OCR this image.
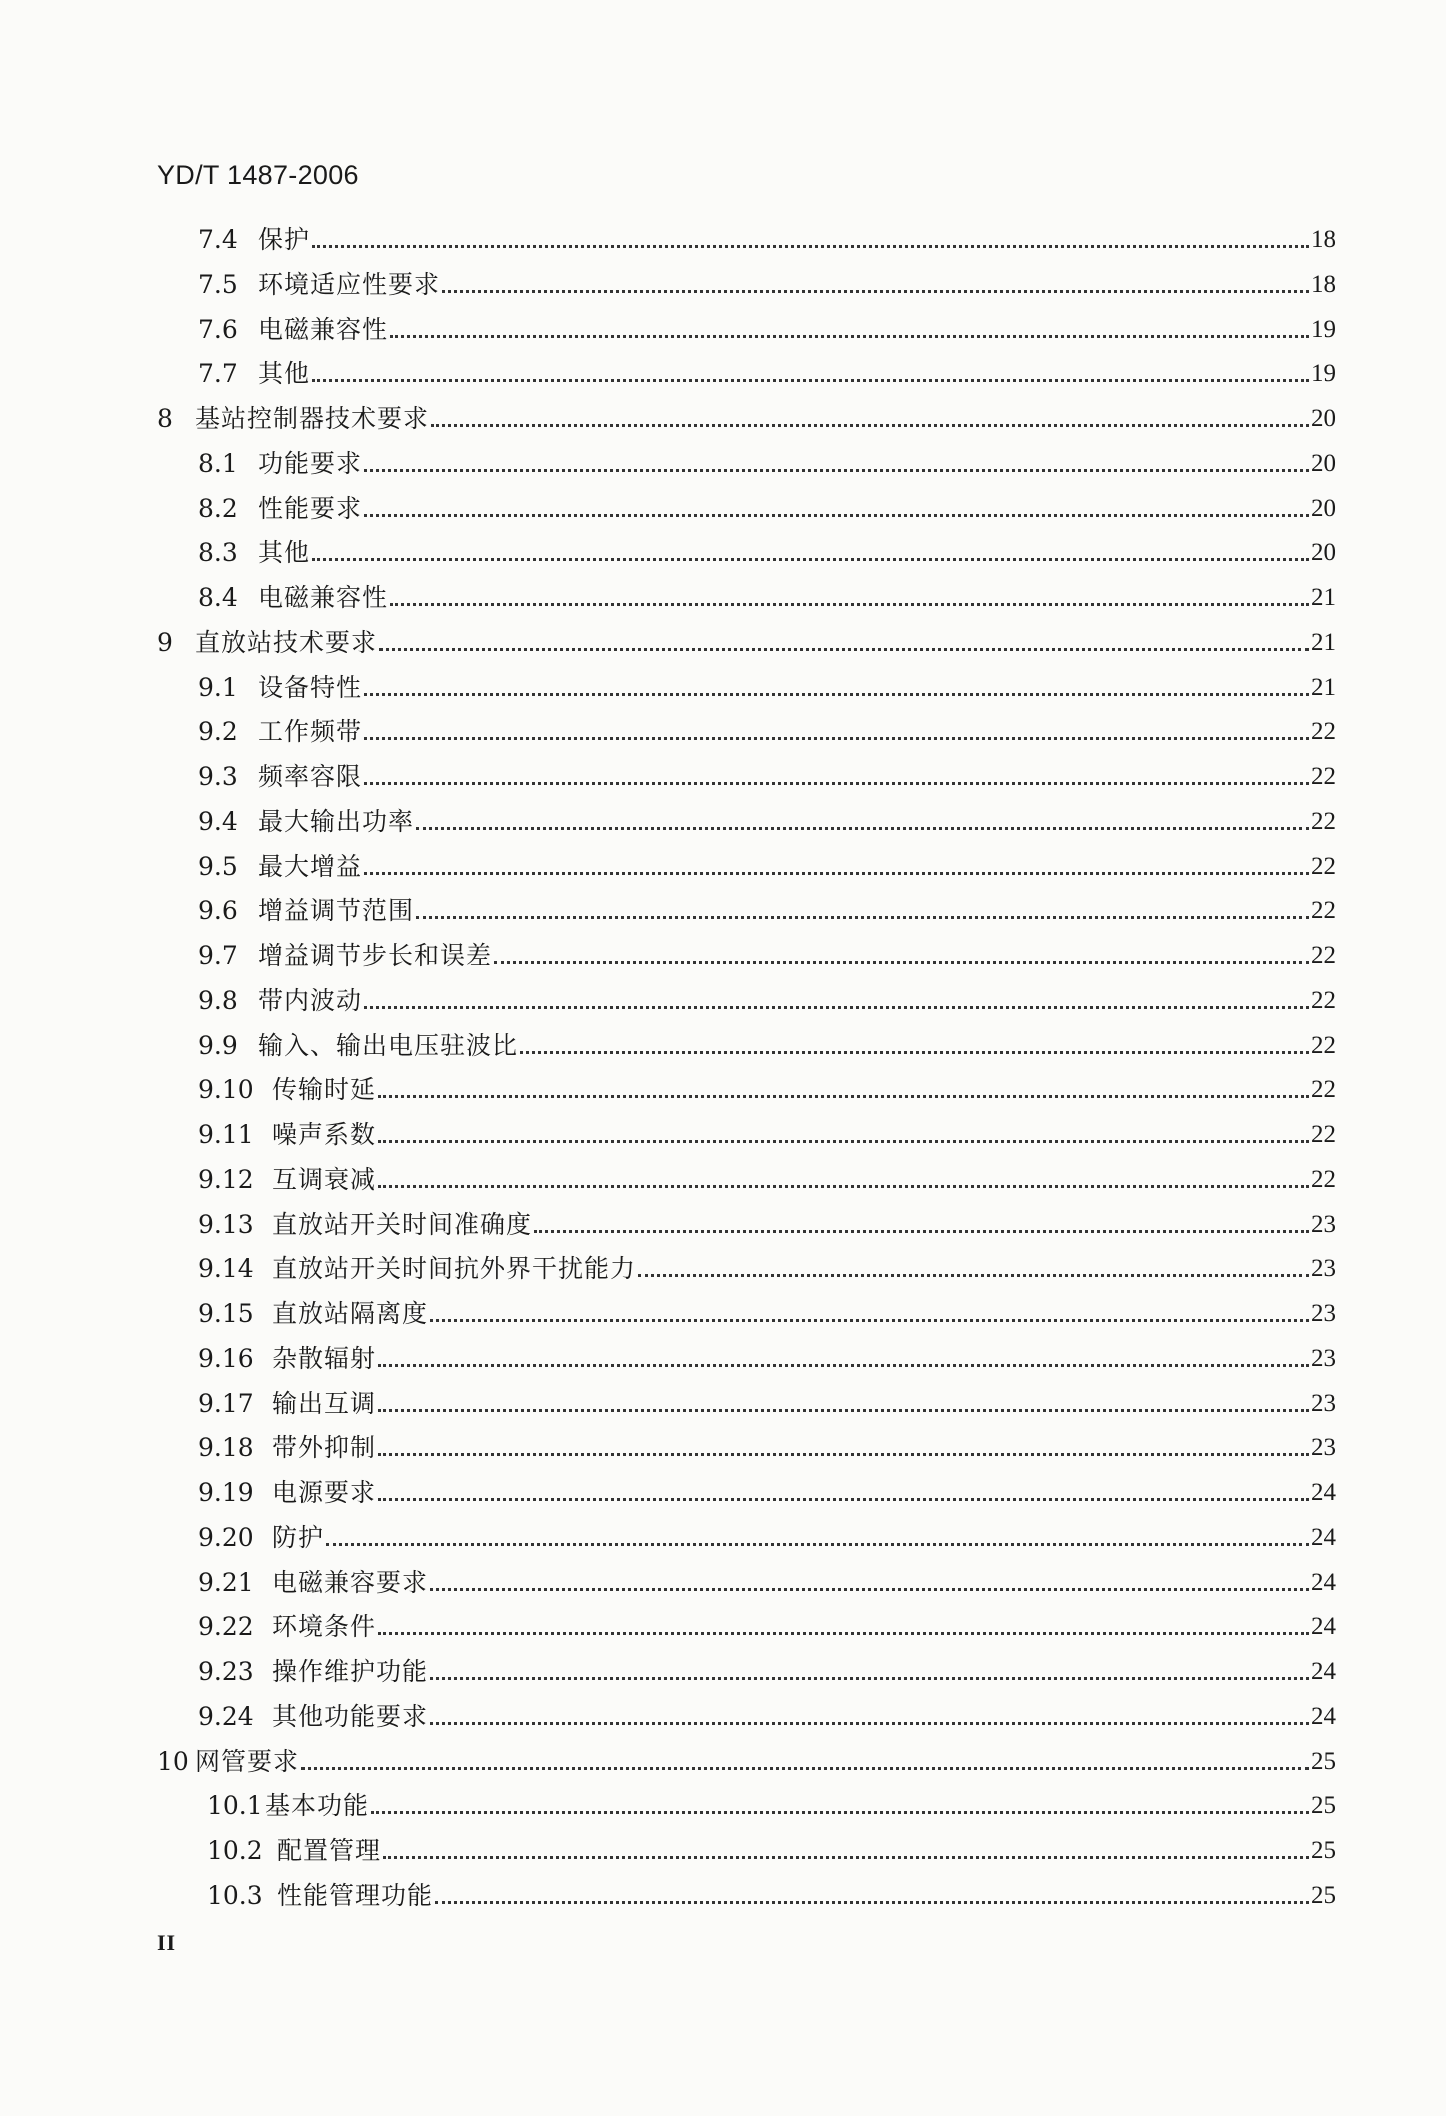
YD/T 1487-2006
7.4 保护	18
7.5 环境适应性要求	18
7.6 电磁兼容性	19
7.7 其他	19
8 基站控制器技术要求	20
8.1 功能要求	20
8.2 性能要求	20
8.3 其他	20
8.4 电磁兼容性	21
9 直放站技术要求	21
9.1 设备特性	21
9.2 工作频带	22
9.3 频率容限	22
9.4 最大输出功率	22
9.5 最大增益	22
9.6 增益调节范围	22
9.7 增益调节步长和误差	22
9.8 带内波动	22
9.9 输入、输出电压驻波比	22
9.10 传输时延	22
9.11 噪声系数	22
9.12 互调衰减	22
9.13 直放站开关时间准确度	23
9.14 直放站开关时间抗外界干扰能力	23
9.15 直放站隔离度	23
9.16 杂散辐射	23
9.17 输出互调	23
9.18 带外抑制	23
9.19 电源要求	24
9.20 防护	24
9.21 电磁兼容要求	24
9.22 环境条件	24
9.23 操作维护功能	24
9.24 其他功能要求	24
10 网管要求	25
10.1 基本功能	25
10.2 配置管理	25
10.3 性能管理功能	25
II
